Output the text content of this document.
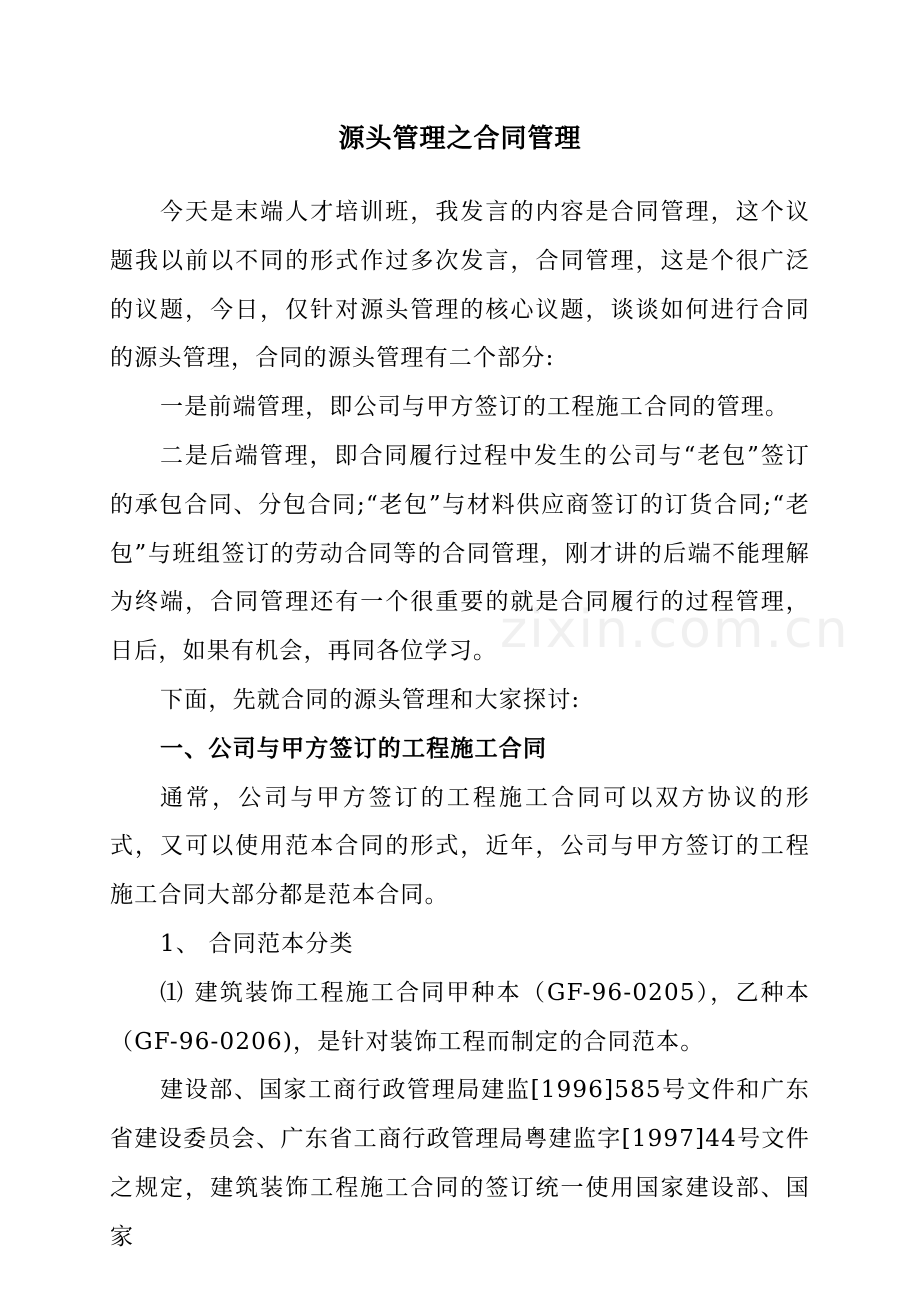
源头管理之合同管理

今天是末端人才培训班，我发言的内容是合同管理，这个议题我以前以不同的形式作过多次发言，合同管理，这是个很广泛的议题，今日，仅针对源头管理的核心议题，谈谈如何进行合同的源头管理，合同的源头管理有二个部分:

一是前端管理，即公司与甲方签订的工程施工合同的管理。

二是后端管理，即合同履行过程中发生的公司与“老包”签订的承包合同、分包合同;“老包”与材料供应商签订的订货合同;“老包”与班组签订的劳动合同等的合同管理，刚才讲的后端不能理解为终端，合同管理还有一个很重要的就是合同履行的过程管理，日后，如果有机会，再同各位学习。

下面，先就合同的源头管理和大家探讨:

一、公司与甲方签订的工程施工合同

通常，公司与甲方签订的工程施工合同可以双方协议的形式，又可以使用范本合同的形式，近年，公司与甲方签订的工程施工合同大部分都是范本合同。

1、 合同范本分类

⑴ 建筑装饰工程施工合同甲种本（GF-96-0205），乙种本（GF-96-0206)，是针对装饰工程而制定的合同范本。

建设部、国家工商行政管理局建监[1996]585号文件和广东省建设委员会、广东省工商行政管理局粤建监字[1997]44号文件之规定，建筑装饰工程施工合同的签订统一使用国家建设部、国家

zixin.com.cn
